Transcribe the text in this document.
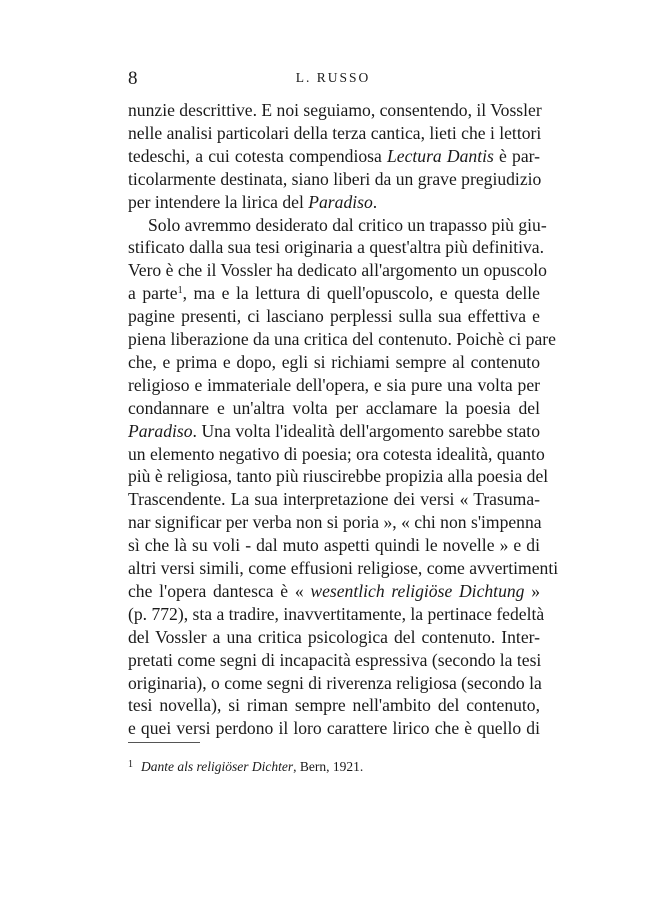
8	L. RUSSO
nunzie descrittive. E noi seguiamo, consentendo, il Vossler
nelle analisi particolari della terza cantica, lieti che i lettori
tedeschi, a cui cotesta compendiosa Lectura Dantis è par-
ticolarmente destinata, siano liberi da un grave pregiudizio
per intendere la lirica del Paradiso.
Solo avremmo desiderato dal critico un trapasso più giu-
stificato dalla sua tesi originaria a quest'altra più definitiva.
Vero è che il Vossler ha dedicato all'argomento un opuscolo
a parte$^1$, ma e la lettura di quell'opuscolo, e questa delle
pagine presenti, ci lasciano perplessi sulla sua effettiva e
piena liberazione da una critica del contenuto. Poichè ci pare
che, e prima e dopo, egli si richiami sempre al contenuto
religioso e immateriale dell'opera, e sia pure una volta per
condannare e un'altra volta per acclamare la poesia del
Paradiso. Una volta l'idealità dell'argomento sarebbe stato
un elemento negativo di poesia; ora cotesta idealità, quanto
più è religiosa, tanto più riuscirebbe propizia alla poesia del
Trascendente. La sua interpretazione dei versi « Trasuma-
nar significar per verba non si poria », « chi non s'impenna
sì che là su voli - dal muto aspetti quindi le novelle » e di
altri versi simili, come effusioni religiose, come avvertimenti
che l'opera dantesca è « wesentlich religiöse Dichtung »
(p. 772), sta a tradire, inavvertitamente, la pertinace fedeltà
del Vossler a una critica psicologica del contenuto. Inter-
pretati come segni di incapacità espressiva (secondo la tesi
originaria), o come segni di riverenza religiosa (secondo la
tesi novella), si riman sempre nell'ambito del contenuto,
e quei versi perdono il loro carattere lirico che è quello di
$^1$ Dante als religiöser Dichter, Bern, 1921.
